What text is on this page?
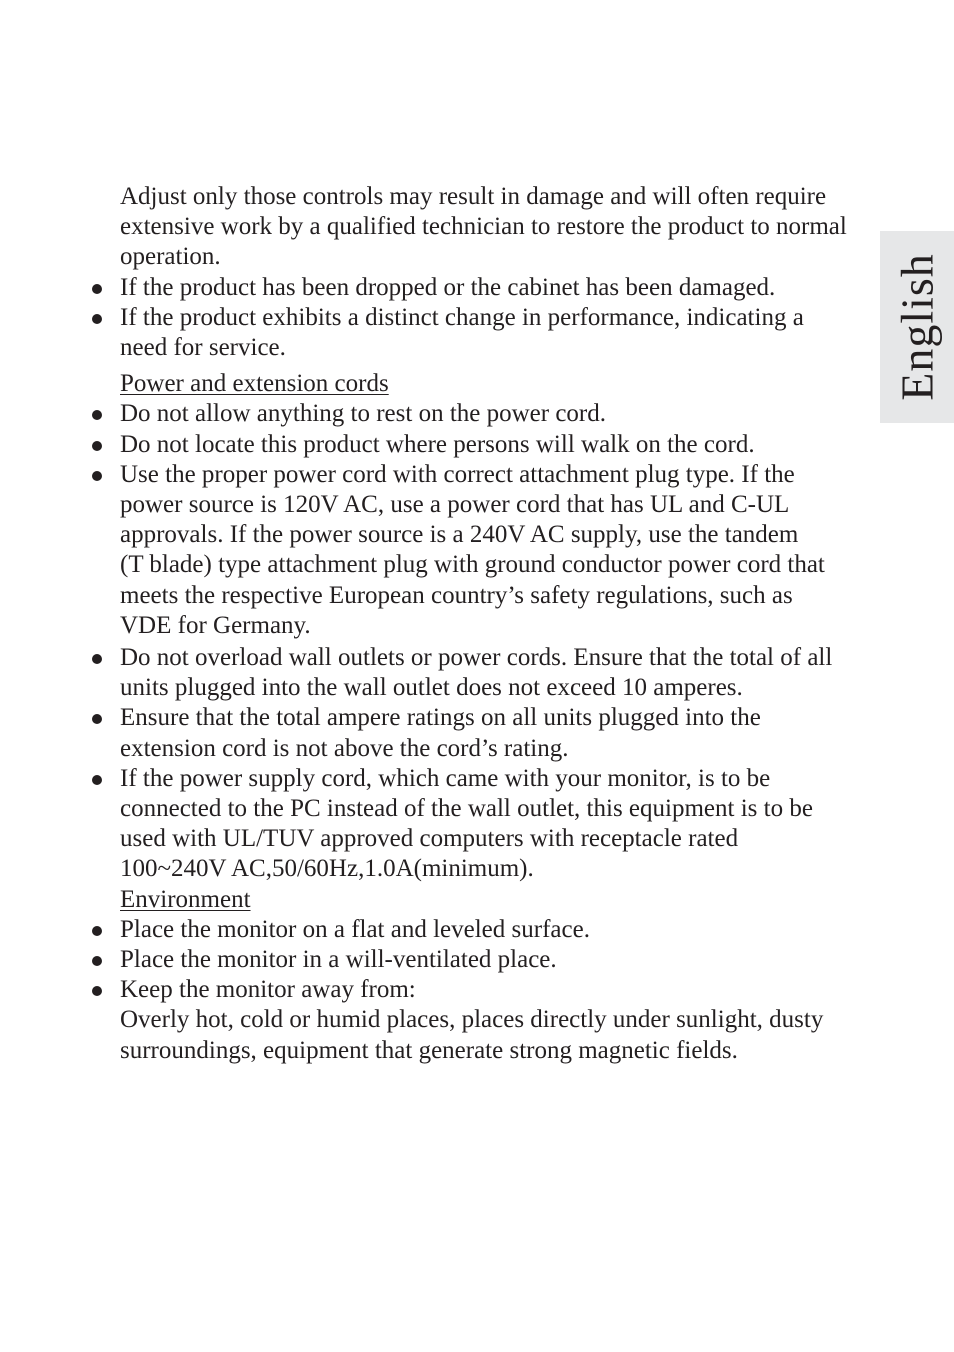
English
Adjust only those controls may result in damage and will often require
extensive work by a qualified technician to restore the product to normal
operation.
If the product has been dropped or the cabinet has been damaged.
If the product exhibits a distinct change in performance, indicating a
need for service.
Power and extension cords
Do not allow anything to rest on the power cord.
Do not locate this product where persons will walk on the cord.
Use the proper power cord with correct attachment plug type. If the
power source is 120V AC, use a power cord that has UL and C-UL
approvals. If the power source is a 240V AC supply, use the tandem
(T blade) type attachment plug with ground conductor power cord that
meets the respective European country’s safety regulations, such as
VDE for Germany.
Do not overload wall outlets or power cords. Ensure that the total of all
units plugged into the wall outlet does not exceed 10 amperes.
Ensure that the total ampere ratings on all units plugged into the
extension cord is not above the cord’s rating.
If the power supply cord, which came with your monitor, is to be
connected to the PC instead of the wall outlet, this equipment is to be
used with UL/TUV approved computers with receptacle rated
100~240V AC,50/60Hz,1.0A(minimum).
Environment
Place the monitor on a flat and leveled surface.
Place the monitor in a will-ventilated place.
Keep the monitor away from:
Overly hot, cold or humid places, places directly under sunlight, dusty
surroundings, equipment that generate strong magnetic fields.
